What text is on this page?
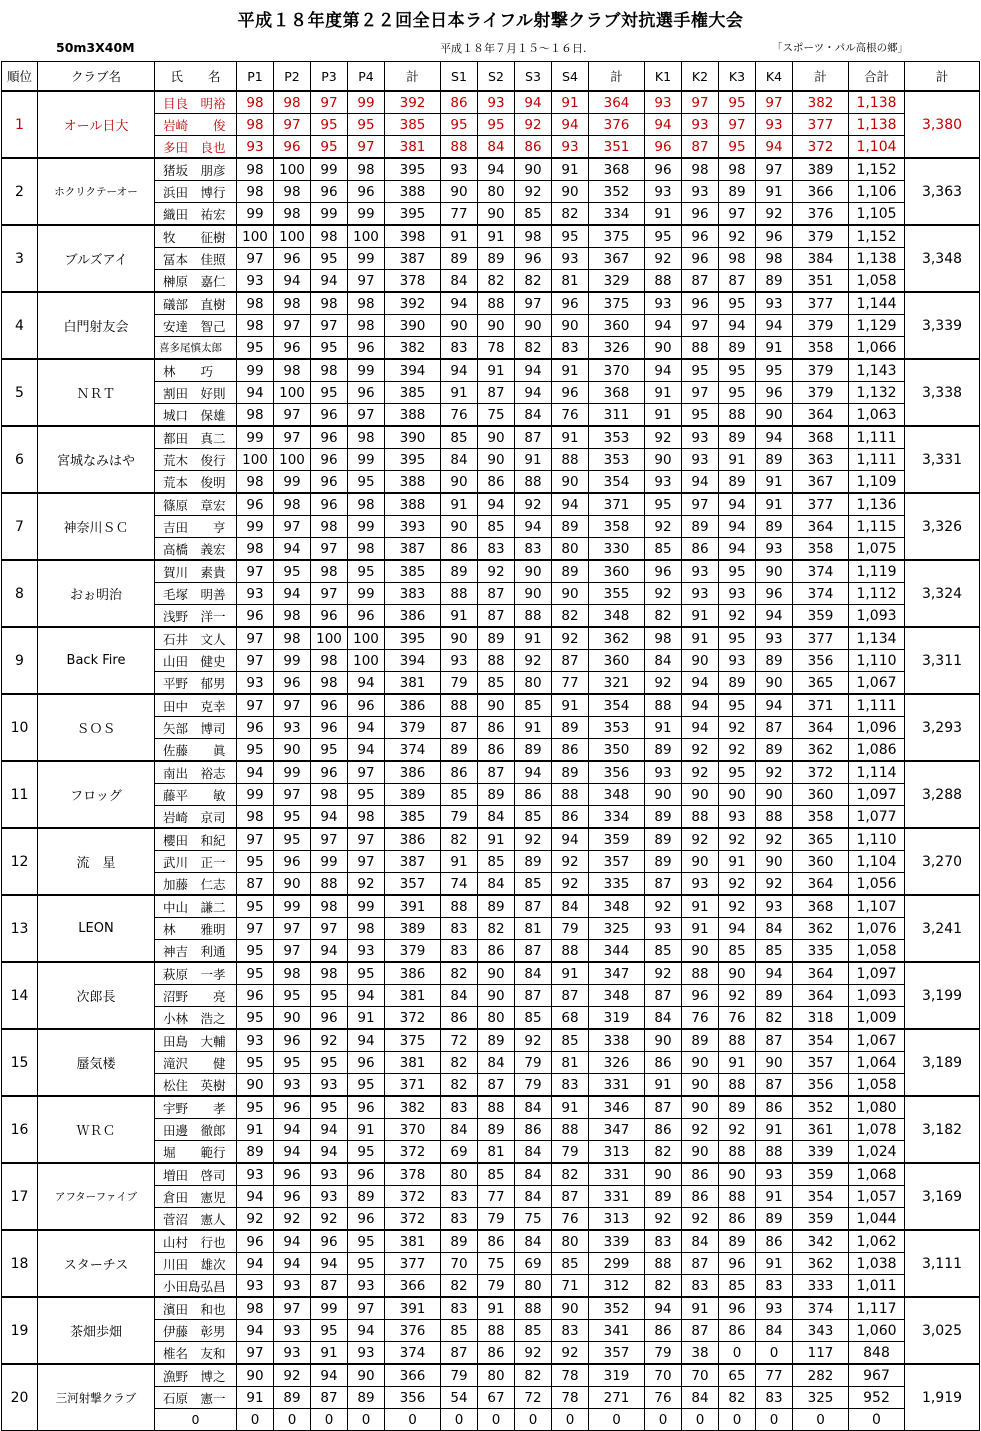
平成１８年度第２２回全日本ライフル射撃クラブ対抗選手権大会
50m3X40M	平成１８年７月１５～１６日.	「スポーツ・パル高根の郷」
順位	クラブ名	氏　　名	P1	P2	P3	P4	計	S1	S2	S3	S4	計	K1	K2	K3	K4	計	合計	計
1	オール日大	目良　明裕	98	98	97	99	392	86	93	94	91	364	93	97	95	97	382	1,138	3,380
		岩崎　　俊	98	97	95	95	385	95	95	92	94	376	94	93	97	93	377	1,138	
		多田　良也	93	96	95	97	381	88	84	86	93	351	96	87	95	94	372	1,104	
2	ホクリクテーオー	猪坂　朋彦	98	100	99	98	395	93	94	90	91	368	96	98	98	97	389	1,152	3,363
		浜田　博行	98	98	96	96	388	90	80	92	90	352	93	93	89	91	366	1,106	
		織田　祐宏	99	98	99	99	395	77	90	85	82	334	91	96	97	92	376	1,105	
3	ブルズアイ	牧　　征樹	100	100	98	100	398	91	91	98	95	375	95	96	92	96	379	1,152	3,348
		冨本　佳照	97	96	95	99	387	89	89	96	93	367	92	96	98	98	384	1,138	
		榊原　嘉仁	93	94	94	97	378	84	82	82	81	329	88	87	87	89	351	1,058	
4	白門射友会	礒部　直樹	98	98	98	98	392	94	88	97	96	375	93	96	95	93	377	1,144	3,339
		安達　智己	98	97	97	98	390	90	90	90	90	360	94	97	94	94	379	1,129	
		喜多尾慎太郎	95	96	95	96	382	83	78	82	83	326	90	88	89	91	358	1,066	
5	ＮＲＴ	林　　巧	99	98	98	99	394	94	91	94	91	370	94	95	95	95	379	1,143	3,338
		割田　好則	94	100	95	96	385	91	87	94	96	368	91	97	95	96	379	1,132	
		城口　保雄	98	97	96	97	388	76	75	84	76	311	91	95	88	90	364	1,063	
6	宮城なみはや	都田　真二	99	97	96	98	390	85	90	87	91	353	92	93	89	94	368	1,111	3,331
		荒木　俊行	100	100	96	99	395	84	90	91	88	353	90	93	91	89	363	1,111	
		荒本　俊明	98	99	96	95	388	90	86	88	90	354	93	94	89	91	367	1,109	
7	神奈川ＳＣ	篠原　章宏	96	98	96	98	388	91	94	92	94	371	95	97	94	91	377	1,136	3,326
		吉田　　亨	99	97	98	99	393	90	85	94	89	358	92	89	94	89	364	1,115	
		高橋　義宏	98	94	97	98	387	86	83	83	80	330	85	86	94	93	358	1,075	
8	おぉ明治	賀川　素貴	97	95	98	95	385	89	92	90	89	360	96	93	95	90	374	1,119	3,324
		毛塚　明善	93	94	97	99	383	88	87	90	90	355	92	93	93	96	374	1,112	
		浅野　洋一	96	98	96	96	386	91	87	88	82	348	82	91	92	94	359	1,093	
9	Back Fire	石井　文人	97	98	100	100	395	90	89	91	92	362	98	91	95	93	377	1,134	3,311
		山田　健史	97	99	98	100	394	93	88	92	87	360	84	90	93	89	356	1,110	
		平野　郁男	93	96	98	94	381	79	85	80	77	321	92	94	89	90	365	1,067	
10	ＳＯＳ	田中　克幸	97	97	96	96	386	88	90	85	91	354	88	94	95	94	371	1,111	3,293
		矢部　博司	96	93	96	94	379	87	86	91	89	353	91	94	92	87	364	1,096	
		佐藤　　眞	95	90	95	94	374	89	86	89	86	350	89	92	92	89	362	1,086	
11	フロッグ	南出　裕志	94	99	96	97	386	86	87	94	89	356	93	92	95	92	372	1,114	3,288
		藤平　　敏	99	97	98	95	389	85	89	86	88	348	90	90	90	90	360	1,097	
		岩崎　京司	98	95	94	98	385	79	84	85	86	334	89	88	93	88	358	1,077	
12	流　星	櫻田　和紀	97	95	97	97	386	82	91	92	94	359	89	92	92	92	365	1,110	3,270
		武川　正一	95	96	99	97	387	91	85	89	92	357	89	90	91	90	360	1,104	
		加藤　仁志	87	90	88	92	357	74	84	85	92	335	87	93	92	92	364	1,056	
13	LEON	中山　謙二	95	99	98	99	391	88	89	87	84	348	92	91	92	93	368	1,107	3,241
		林　　雅明	97	97	97	98	389	83	82	81	79	325	93	91	94	84	362	1,076	
		神吉　利通	95	97	94	93	379	83	86	87	88	344	85	90	85	85	335	1,058	
14	次郎長	萩原　一孝	95	98	98	95	386	82	90	84	91	347	92	88	90	94	364	1,097	3,199
		沼野　　亮	96	95	95	94	381	84	90	87	87	348	87	96	92	89	364	1,093	
		小林　浩之	95	90	96	91	372	86	80	85	68	319	84	76	76	82	318	1,009	
15	蜃気楼	田島　大輔	93	96	92	94	375	72	89	92	85	338	90	89	88	87	354	1,067	3,189
		滝沢　　健	95	95	95	96	381	82	84	79	81	326	86	90	91	90	357	1,064	
		松住　英樹	90	93	93	95	371	82	87	79	83	331	91	90	88	87	356	1,058	
16	ＷＲＣ	宇野　　孝	95	96	95	96	382	83	88	84	91	346	87	90	89	86	352	1,080	3,182
		田邊　徹郎	91	94	94	91	370	84	89	86	88	347	86	92	92	91	361	1,078	
		堀　　範行	89	94	94	95	372	69	81	84	79	313	82	90	88	88	339	1,024	
17	アフターファイブ	増田　啓司	93	96	93	96	378	80	85	84	82	331	90	86	90	93	359	1,068	3,169
		倉田　憲児	94	96	93	89	372	83	77	84	87	331	89	86	88	91	354	1,057	
		菅沼　憲人	92	92	92	96	372	83	79	75	76	313	92	92	86	89	359	1,044	
18	スターチス	山村　行也	96	94	96	95	381	89	86	84	80	339	83	84	89	86	342	1,062	3,111
		川田　雄次	94	94	94	95	377	70	75	69	85	299	88	87	96	91	362	1,038	
		小田島弘昌	93	93	87	93	366	82	79	80	71	312	82	83	85	83	333	1,011	
19	茶畑歩畑	濱田　和也	98	97	99	97	391	83	91	88	90	352	94	91	96	93	374	1,117	3,025
		伊藤　彰男	94	93	95	94	376	85	88	85	83	341	86	87	86	84	343	1,060	
		椎名　友和	97	93	91	93	374	87	86	92	92	357	79	38	0	0	117	848	
20	三河射撃クラブ	漁野　博之	90	92	94	90	366	79	80	82	78	319	70	70	65	77	282	967	1,919
		石原　憲一	91	89	87	89	356	54	67	72	78	271	76	84	82	83	325	952	
		0	0	0	0	0	0	0	0	0	0	0	0	0	0	0	0	0	
